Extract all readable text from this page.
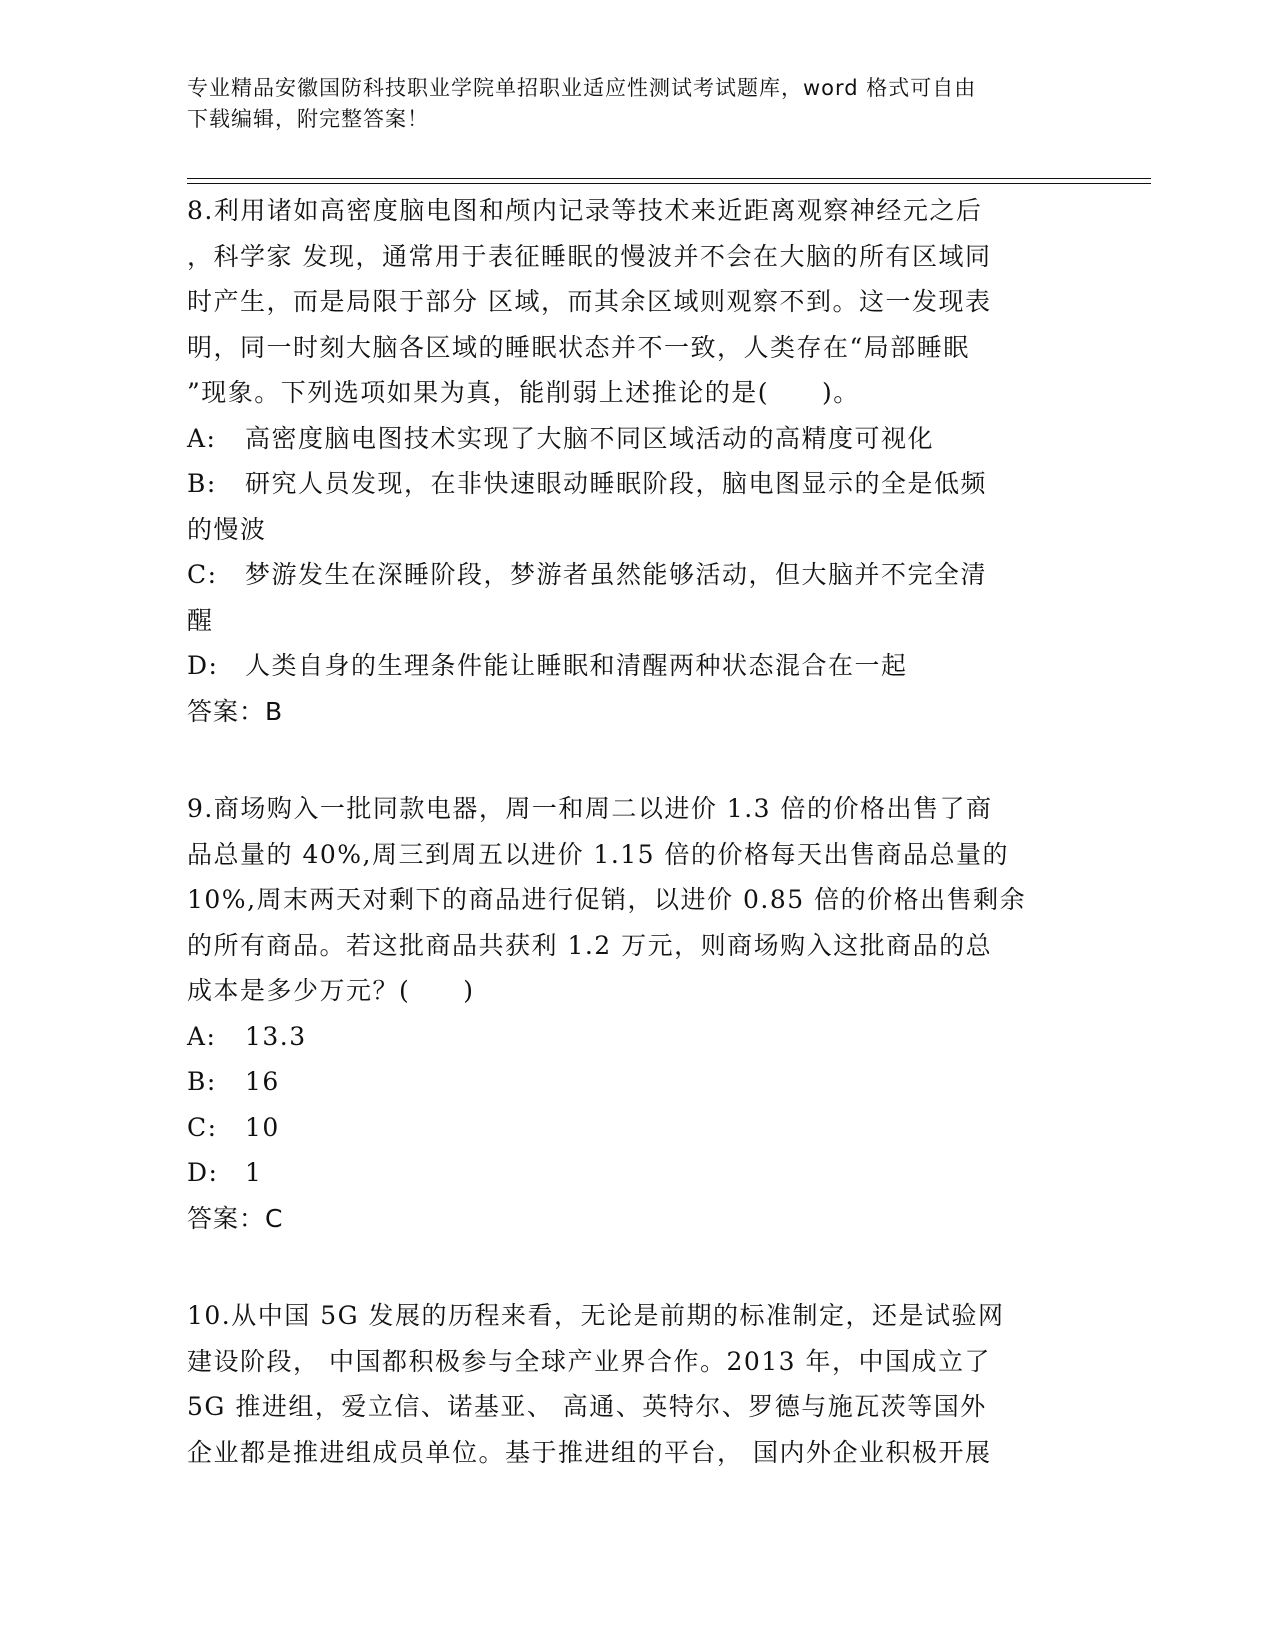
专业精品安徽国防科技职业学院单招职业适应性测试考试题库，word 格式可自由
下载编辑，附完整答案！
8.利用诸如高密度脑电图和颅内记录等技术来近距离观察神经元之后
，科学家 发现，通常用于表征睡眠的慢波并不会在大脑的所有区域同
时产生，而是局限于部分 区域，而其余区域则观察不到。这一发现表
明，同一时刻大脑各区域的睡眠状态并不一致，人类存在“局部睡眠
”现象。下列选项如果为真，能削弱上述推论的是(　　)。
A: 高密度脑电图技术实现了大脑不同区域活动的高精度可视化
B: 研究人员发现，在非快速眼动睡眠阶段，脑电图显示的全是低频
的慢波
C: 梦游发生在深睡阶段，梦游者虽然能够活动，但大脑并不完全清
醒
D: 人类自身的生理条件能让睡眠和清醒两种状态混合在一起
答案：B
9.商场购入一批同款电器，周一和周二以进价 1.3 倍的价格出售了商
品总量的 40%,周三到周五以进价 1.15 倍的价格每天出售商品总量的
10%,周末两天对剩下的商品进行促销，以进价 0.85 倍的价格出售剩余
的所有商品。若这批商品共获利 1.2 万元，则商场购入这批商品的总
成本是多少万元？(　　)
A: 13.3
B: 16
C: 10
D: 1
答案：C
10.从中国 5G 发展的历程来看，无论是前期的标准制定，还是试验网
建设阶段， 中国都积极参与全球产业界合作。2013 年，中国成立了
5G 推进组，爱立信、诺基亚、 高通、英特尔、罗德与施瓦茨等国外
企业都是推进组成员单位。基于推进组的平台， 国内外企业积极开展
